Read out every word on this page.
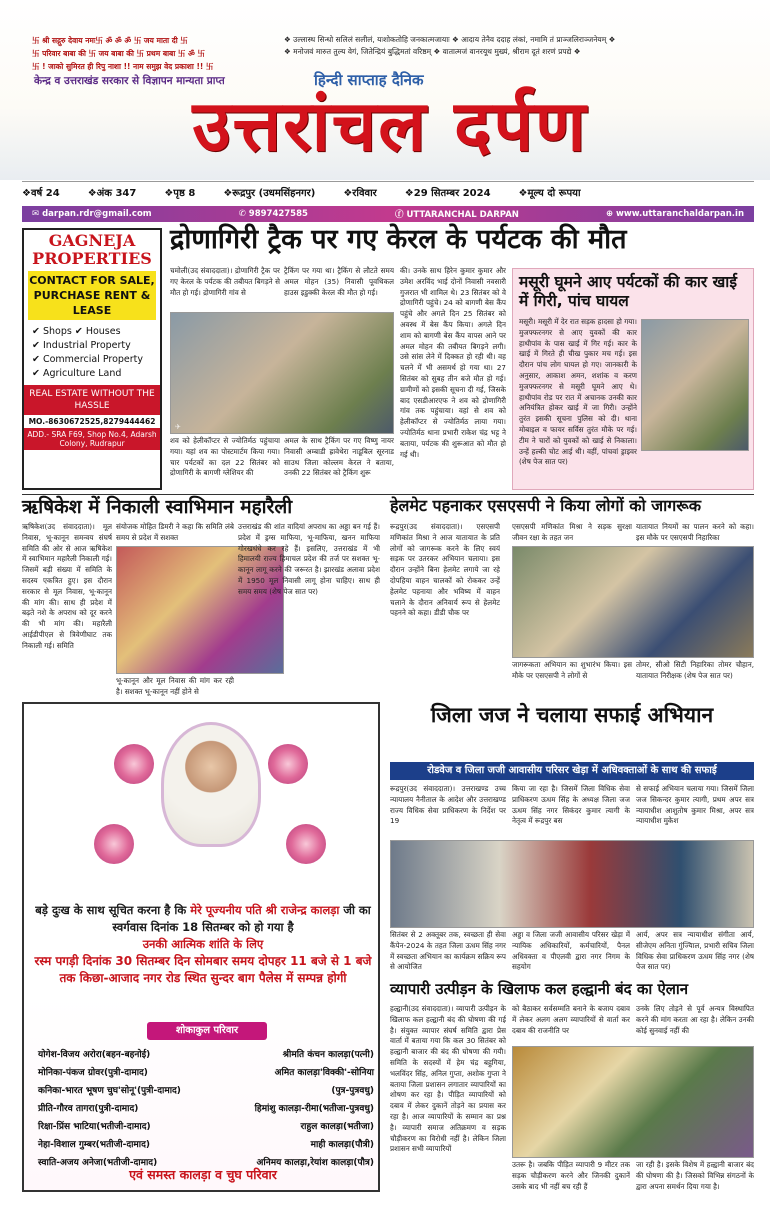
卐 श्री सद्गुरु देवाय नमः卐 ॐ ॐ ॐ 卐 जय माता दी 卐
卐 परिवार बाबा की 卐 जय बाबा की 卐 प्रथम बाबा 卐 ॐ 卐
卐 ! जाको सुमिरत ही रिपु नाशा !! नाम समुझ वेद प्रकाशा !! 卐
❖ उल्लास्थ सिन्धो सलिलं सलीलं, यःशोकतोहि जनकात्मजायाः ❖ आदाय तेनैव ददाह लंकां, नमामि तं प्राञ्जलिराञ्जनेयम् ❖
❖ मनोजवं मारुत तुल्य वेगं, जितेन्द्रियं बुद्धिमतां वरिष्ठम् ❖ वातात्मजं वानरयूथ मुख्यं, श्रीराम दूतं शरणं प्रपद्ये ❖
केन्द्र व उत्तराखंड सरकार से विज्ञापन मान्यता प्राप्त	हिन्दी साप्ताह दैनिक
उत्तरांचल दर्पण
❖वर्ष 24	❖अंक 347	❖पृष्ठ 8	❖रूद्रपुर (उधमसिंहनगर)	❖रविवार	❖29 सितम्बर 2024	❖मूल्य दो रूपया
✉ darpan.rdr@gmail.com	✆ 9897427585	ⓕ UTTARANCHAL DARPAN	⊕ www.uttaranchaldarpan.in
GAGNEJA PROPERTIES
CONTACT FOR SALE, PURCHASE RENT & LEASE
✔ Shops ✔ Houses
✔ Industrial Property
✔ Commercial Property
✔ Agriculture Land
REAL ESTATE WITHOUT THE HASSLE
MO.-8630672525,8279444462
ADD.- SRA F69, Shop No.4, Adarsh Colony, Rudrapur
द्रोणागिरी ट्रैक पर गए केरल के पर्यटक की मौत
चमोली(उद संवाददाता)। द्रोणागिरी ट्रैक पर गए केरल के पर्यटक की तबीयत बिगड़ने से मौत हो गई। द्रोणागिरी गांव से
ट्रैकिंग पर गया था। ट्रैकिंग से लौटते समय अमल मोहन (35) निवासी पूवथिकल हाउस इडुक्की केरल की मौत हो गई।
✈
शव को हेलीकॉप्टर से ज्योतिर्मठ पहुंचाया गया। यहां शव का पोस्टमार्टम किया गया। चार पर्यटकों का दल 22 सितंबर को द्रोणागिरी के बागणी ग्लेशियर की
अमल के साथ ट्रैकिंग पर गए विष्णु नायर निवासी अम्बाडी ह्रावेथेरा नाडूबिल सूरनाड साउथ जिला कोल्लम केरल ने बताया, उनकी 22 सितंबर को ट्रैकिंग शुरू
की। उनके साथ हिरेन कुमार कुमार और उमेश अरविंद भाई दोनों निवासी नवसारी गुजरात भी शामिल थे। 23 सितंबर को वे द्रोणागिरी पहुंचे। 24 को बागणी बेस कैंप पहुंचे और अगले दिन 25 सितंबर को अवस्थ में बेस कैंप किया। अगले दिन शाम को बागणी बेस कैंप वापस आने पर अमल मोहन की तबीयत बिगड़ने लगी। उसे सांस लेने में दिक्कत हो रही थी। वह चलने में भी असमर्थ हो गया था। 27 सितंबर को सुबह तीन बजे मौत हो गई। ग्रामीणों को इसकी सूचना दी गई, जिसके बाद एसडीआरएफ ने शव को द्रोणागिरी गांव तक पहुंचाया। वहां से शव को हेलीकॉप्टर से ज्योतिर्मठ लाया गया। ज्योतिर्मठ थाना प्रभारी राकेश चंद्र भट्ट ने बताया, पर्यटक की शुरूआत को मौत हो गई थी।
मसूरी घूमने आए पर्यटकों की कार खाई में गिरी, पांच घायल
मसूरी। मसूरी में देर रात सड़क हादसा हो गया। मुजफ्फरनगर से आए युवकों की कार हाथीपांव के पास खाई में गिर गई। कार के खाई में गिरते ही चीख पुकार मच गई। इस दौरान पांच लोग घायल हो गए। जानकारी के अनुसार, आकाश अमन, शशांक व करण मुजफ्फरनगर से मसूरी घूमने आए थे। हाथीपांव रोड पर रात में अचानक उनकी कार अनियंत्रित होकर खाई में जा गिरी। उन्होंने तुरंत इसकी सूचना पुलिस को दी। थाना मोबाइल व फायर सर्विस तुरंत मौके पर गई। टीम ने चारों को युवकों को खाई से निकाला। उन्हें हल्की चोट आई थी। वहीं, पांचवां ड्राइवर (शेष पेज सात पर)
ऋषिकेश में निकाली स्वाभिमान महारैली
ऋषिकेश(उद संवाददाता)। मूल निवास, भू-कानून समन्वय संघर्ष समिति की ओर से आज ऋषिकेश में स्वाभिमान महारैली निकाली गई। जिसमें बड़ी संख्या में समिति के सदस्य एकत्रित हुए। इस दौरान सरकार से मूल निवास, भू-कानून की मांग की। साथ ही प्रदेश में बढ़ते नशे के अपराध को दूर करने की भी मांग की। महारैली आईडीपीएल से त्रिवेणीघाट तक निकाली गई। समिति
संयोजक मोहित डिमरी ने कहा कि समिति लंबे समय से प्रदेश में सशक्त
भू-कानून और मूल निवास की मांग कर रही है। सशक्त भू-कानून नहीं होने से
उत्तराखंड की शांत वादियां अपराध का अड्डा बन गई हैं। प्रदेश में ड्रग्स माफिया, भू-माफिया, खनन माफिया गोरखधंधे कर रहे हैं। इसलिए, उत्तराखंड में भी हिमालयी राज्य हिमाचल प्रदेश की तर्ज पर सशक्त भू-कानून लागू करने की जरूरत है। झारखंड अलावा प्रदेश में 1950 मूल निवासी लागू होना चाहिए। साथ ही समय समय (शेष पेज सात पर)
हेलमेट पहनाकर एसएसपी ने किया लोगों को जागरूक
रूद्रपुर(उद संवाददाता)। एसएसपी मणिकांत मिश्रा ने आज यातायात के प्रति लोगों को जागरूक करने के लिए स्वयं सड़क पर उतरकर अभियान चलाया। इस दौरान उन्होंने बिना हेलमेट लगाये जा रहे दोपहिया वाहन चालकों को रोककर उन्हें हेलमेट पहनाया और भविष्य में वाहन चलाने के दौरान अनिवार्य रूप से हेलमेट पहनने को कहा। डीडी चौक पर
एसएसपी मणिकांत मिश्रा ने सड़क सुरक्षा जीवन रक्षा के तहत जन
यातायात नियमों का पालन करने को कहा। इस मौके पर एसएसपी निहारिका
जागरूकता अभियान का शुभारंभ किया। इस मौके पर एसएसपी ने लोगों से
तोमर, सीओ सिटी निहारिका तोमर चौहान, यातायात निरीक्षक (शेष पेज सात पर)
बड़े दुःख के साथ सूचित करना है कि मेरे पूज्यनीय पति श्री राजेन्द्र कालड़ा जी का स्वर्गवास दिनांक 18 सितम्बर को हो गया है
उनकी आत्मिक शांति के लिए
रस्म पगड़ी दिनांक 30 सितम्बर दिन सोमबार समय दोपहर 11 बजे से 1 बजे तक किछा-आजाद नगर रोड स्थित सुन्दर बाग पैलेस में सम्पन्न होगी
शोकाकुल परिवार
योगेश-विजय अरोरा(बहन-बहनोई)	श्रीमति कंचन कालड़ा(पत्नी)
मोनिका-पंकज ग्रोवर(पुत्री-दामाद)	अमित कालड़ा'विक्की'-सोनिया
कनिका-भारत भूषण चुघ'सोनू'(पुत्री-दामाद)	(पुत्र-पुत्रवधु)
प्रीति-गौरव तागरा(पुत्री-दामाद)	हिमांशु कालड़ा-रीमा(भतीजा-पुत्रवधु)
रिक्षा-प्रिंस भाटिया(भतीजी-दामाद)	राहुल कालड़ा(भतीजा)
नेहा-विशाल गुम्बर(भतीजी-दामाद)	माही कालड़ा(पौत्री)
स्वाति-अजय अनेजा(भतीजी-दामाद)	अनिमय कालड़ा,रेयांश कालड़ा(पौत्र)
एवं समस्त कालड़ा व चुघ परिवार
जिला जज ने चलाया सफाई अभियान
रोडवेज व जिला जजी आवासीय परिसर खेड़ा में अधिवक्ताओं के साथ की सफाई
रूद्रपुर(उद संवाददाता)। उत्तराखण्ड उच्च न्यायालय नैनीताल के आदेश और उत्तराखण्ड राज्य विधिक सेवा प्राधिकरण के निर्देश पर 19
किया जा रहा है। जिसमें जिला विधिक सेवा प्राधिकरण ऊधम सिंह के अध्यक्ष जिला जज ऊधम सिंह नगर सिकंदर कुमार त्यागी के नेतृत्व में रूद्रपुर बस
से सफाई अभियान चलाया गया। जिसमें जिला जज सिकन्दर कुमार त्यागी, प्रथम अपर सत्र न्यायाधीश आशुतोष कुमार मिश्रा, अपर सत्र न्यायाधीश मुकेश
सितंबर से 2 अक्तूबर तक, स्वच्छता ही सेवा कैंपेन-2024 के तहत जिला ऊधम सिंह नगर में स्वच्छता अभियान का कार्यक्रम सक्रिय रूप से आयोजित
अड्डा व जिला जजी आवासीय परिसर खेड़ा में न्यायिक अधिकारियों, कर्मचारियों, पैनल अधिवक्ता व पीएलवी द्वारा नगर निगम के सहयोग
आर्य, अपर सत्र न्यायाधीश संगीता आर्य, सीजेएम अनिता गुंज्यिाल, प्रभारी सचिव जिला विधिक सेवा प्राधिकरण ऊधम सिंह नगर (शेष पेज सात पर)
व्यापारी उत्पीड़न के खिलाफ कल हल्द्वानी बंद का ऐलान
हल्द्वानी(उद संवाददाता)। व्यापारी उत्पीड़न के खिलाफ कल हल्द्वानी बंद की घोषणा की गई है। संयुक्त व्यापार संघर्ष समिति द्वारा प्रेस वार्ता में बताया गया कि कल 30 सितंबर को हल्द्वानी बाजार की बंद की घोषणा की गयी। समिति के सदस्यों में हेम चंद्र बहुगिया, भलविंदर सिंह, अनिल गुप्ता, अशोक गुप्ता ने बताया जिला प्रशासन लगातार व्यापारियों का शोषण कर रहा है। पीड़ित व्यापारियों को दबाव में लेकर दुकानें तोड़ने का प्रयास कर रहा है। आज व्यापारियों के सम्मान का प्रश्न है। व्यापारी समाज अतिक्रमण व सड़क चौड़ीकरण का विरोधी नहीं है। लेकिन जिला प्रशासन सभी व्यापारियों
को बैठाकर सर्वसम्मति बनाने के बजाय दबाव में लेकर अलग अलग व्यापारियों से वार्ता कर दबाव की राजनीति पर
उनके लिए तोड़ने से पूर्व अन्यत्र विस्थापित करने की मांग करता आ रहा है। लेकिन उनकी कोई सुनवाई नहीं की
उतरू है। जबकि पीड़ित व्यापारी 9 मीटर तक सड़क चौड़ीकरण करने और जिनकी दुकानें उसके बाद भी नहीं बच रही हैं
जा रही है। इसके विशेष में हल्द्वानी बाजार बंद की घोषणा की है। जिसको विभिन्न संगठनों के द्वारा अपना समर्थन दिया गया है।
